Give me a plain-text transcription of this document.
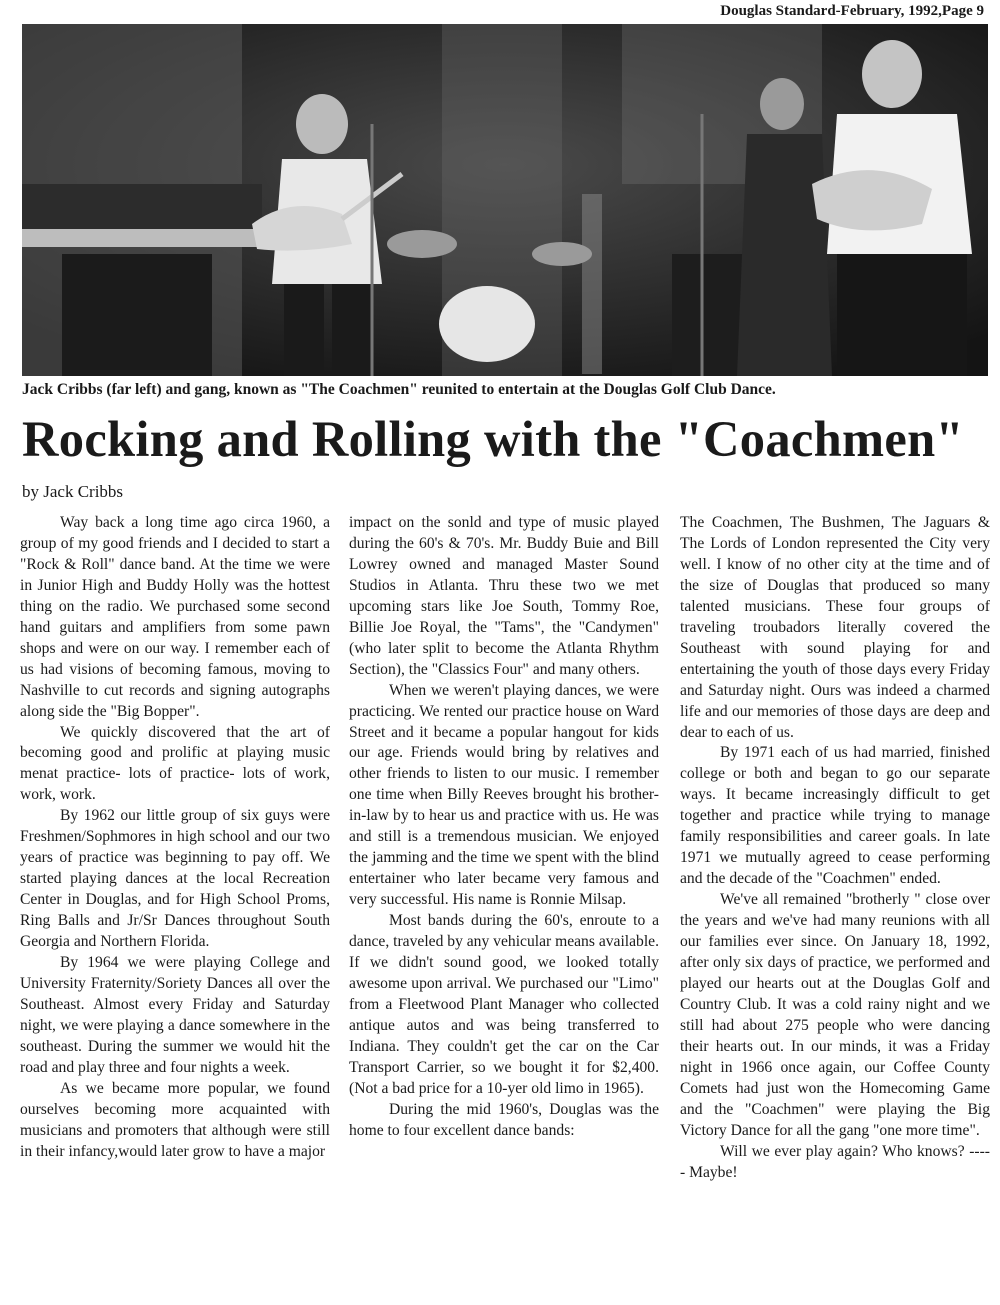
Douglas Standard-February, 1992,Page 9
Jack Cribbs (far left) and gang, known as "The Coachmen" reunited to entertain at the Douglas Golf Club Dance.
Rocking and Rolling with the "Coachmen"
by Jack Cribbs

Way back a long time ago circa 1960, a group of my good friends and I decided to start a "Rock & Roll" dance band. At the time we were in Junior High and Buddy Holly was the hottest thing on the radio. We purchased some second hand guitars and amplifiers from some pawn shops and were on our way. I remember each of us had visions of becoming famous, moving to Nashville to cut records and signing autographs along side the "Big Bopper".

We quickly discovered that the art of becoming good and prolific at playing music menat practice- lots of practice- lots of work, work, work.

By 1962 our little group of six guys were Freshmen/Sophmores in high school and our two years of practice was beginning to pay off. We started playing dances at the local Recreation Center in Douglas, and for High School Proms, Ring Balls and Jr/Sr Dances throughout South Georgia and Northern Florida.

By 1964 we were playing College and University Fraternity/Soriety Dances all over the Southeast. Almost every Friday and Saturday night, we were playing a dance somewhere in the southeast. During the summer we would hit the road and play three and four nights a week.

As we became more popular, we found ourselves becoming more acquainted with musicians and promoters that although were still in their infancy,would later grow to have a major

impact on the sonld and type of music played during the 60's & 70's. Mr. Buddy Buie and Bill Lowrey owned and managed Master Sound Studios in Atlanta. Thru these two we met upcoming stars like Joe South, Tommy Roe, Billie Joe Royal, the "Tams", the "Candymen" (who later split to become the Atlanta Rhythm Section), the "Classics Four" and many others.

When we weren't playing dances, we were practicing. We rented our practice house on Ward Street and it became a popular hangout for kids our age. Friends would bring by relatives and other friends to listen to our music. I remember one time when Billy Reeves brought his brother-in-law by to hear us and practice with us. He was and still is a tremendous musician. We enjoyed the jamming and the time we spent with the blind entertainer who later became very famous and very successful. His name is Ronnie Milsap.

Most bands during the 60's, enroute to a dance, traveled by any vehicular means available. If we didn't sound good, we looked totally awesome upon arrival. We purchased our "Limo" from a Fleetwood Plant Manager who collected antique autos and was being transferred to Indiana. They couldn't get the car on the Car Transport Carrier, so we bought it for $2,400. (Not a bad price for a 10-yer old limo in 1965).

During the mid 1960's, Douglas was the home to four excellent dance bands:

The Coachmen, The Bushmen, The Jaguars & The Lords of London represented the City very well. I know of no other city at the time and of the size of Douglas that produced so many talented musicians. These four groups of traveling troubadors literally covered the Southeast with sound playing for and entertaining the youth of those days every Friday and Saturday night. Ours was indeed a charmed life and our memories of those days are deep and dear to each of us.

By 1971 each of us had married, finished college or both and began to go our separate ways. It became increasingly difficult to get together and practice while trying to manage family responsibilities and career goals. In late 1971 we mutually agreed to cease performing and the decade of the "Coachmen" ended.

We've all remained "brotherly " close over the years and we've had many reunions with all our families ever since. On January 18, 1992, after only six days of practice, we performed and played our hearts out at the Douglas Golf and Country Club. It was a cold rainy night and we still had about 275 people who were dancing their hearts out. In our minds, it was a Friday night in 1966 once again, our Coffee County Comets had just won the Homecoming Game and the "Coachmen" were playing the Big Victory Dance for all the gang "one more time".

Will we ever play again? Who knows? ----- Maybe!
